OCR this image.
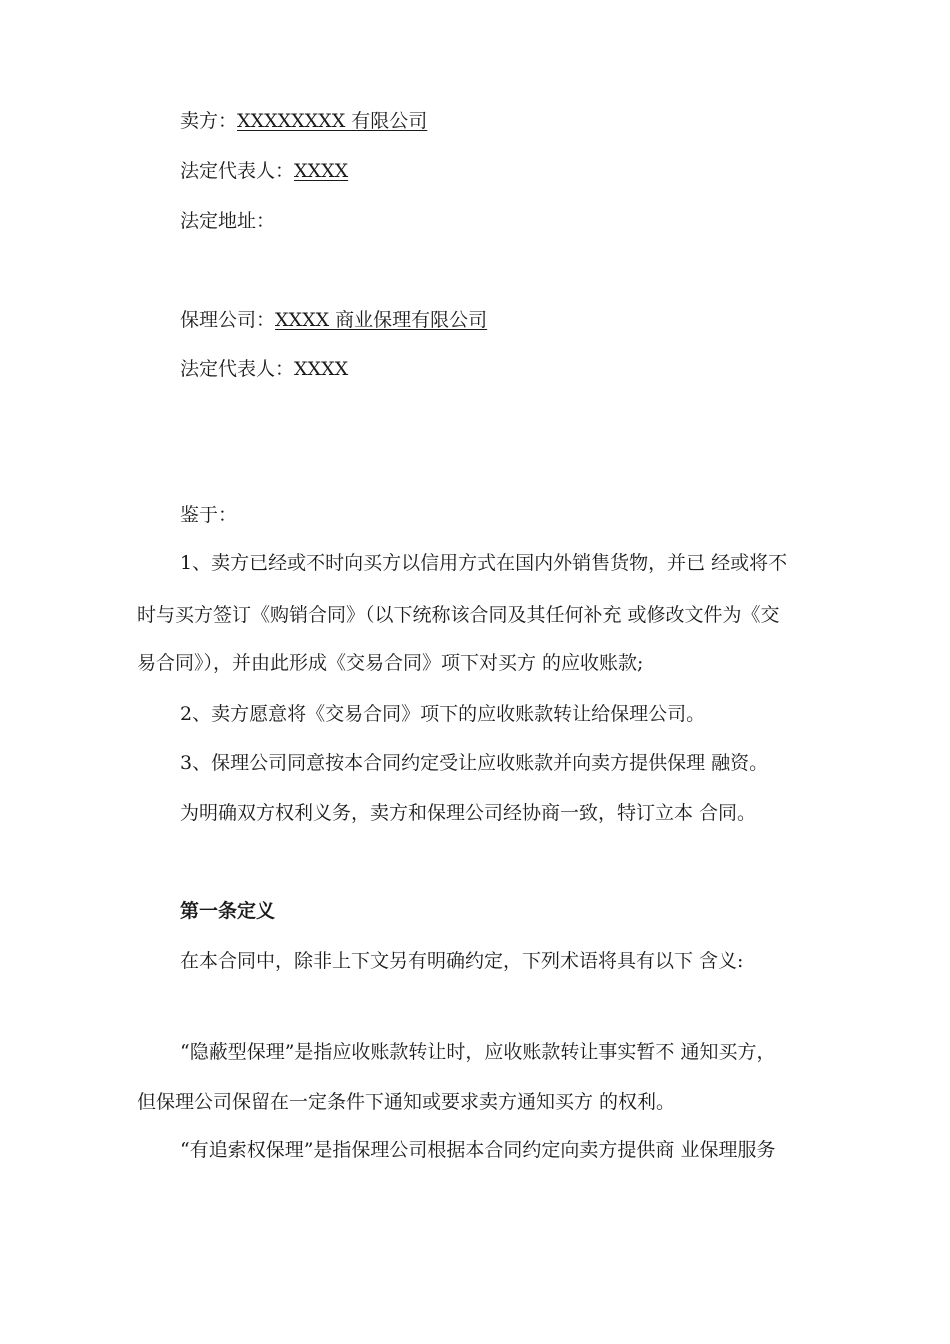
卖方：XXXXXXXX 有限公司
法定代表人：XXXX
法定地址：
保理公司：XXXX 商业保理有限公司
法定代表人：XXXX
鉴于：
1、卖方已经或不时向买方以信用方式在国内外销售货物，并已 经或将不
时与买方签订《购销合同》（以下统称该合同及其任何补充 或修改文件为《交
易合同》），并由此形成《交易合同》项下对买方 的应收账款;
2、卖方愿意将《交易合同》项下的应收账款转让给保理公司。
3、保理公司同意按本合同约定受让应收账款并向卖方提供保理 融资。
为明确双方权利义务，卖方和保理公司经协商一致，特订立本 合同。
第一条定义
在本合同中，除非上下文另有明确约定，下列术语将具有以下 含义:
“隐蔽型保理”是指应收账款转让时，应收账款转让事实暂不 通知买方，
但保理公司保留在一定条件下通知或要求卖方通知买方 的权利。
“有追索权保理”是指保理公司根据本合同约定向卖方提供商 业保理服务
